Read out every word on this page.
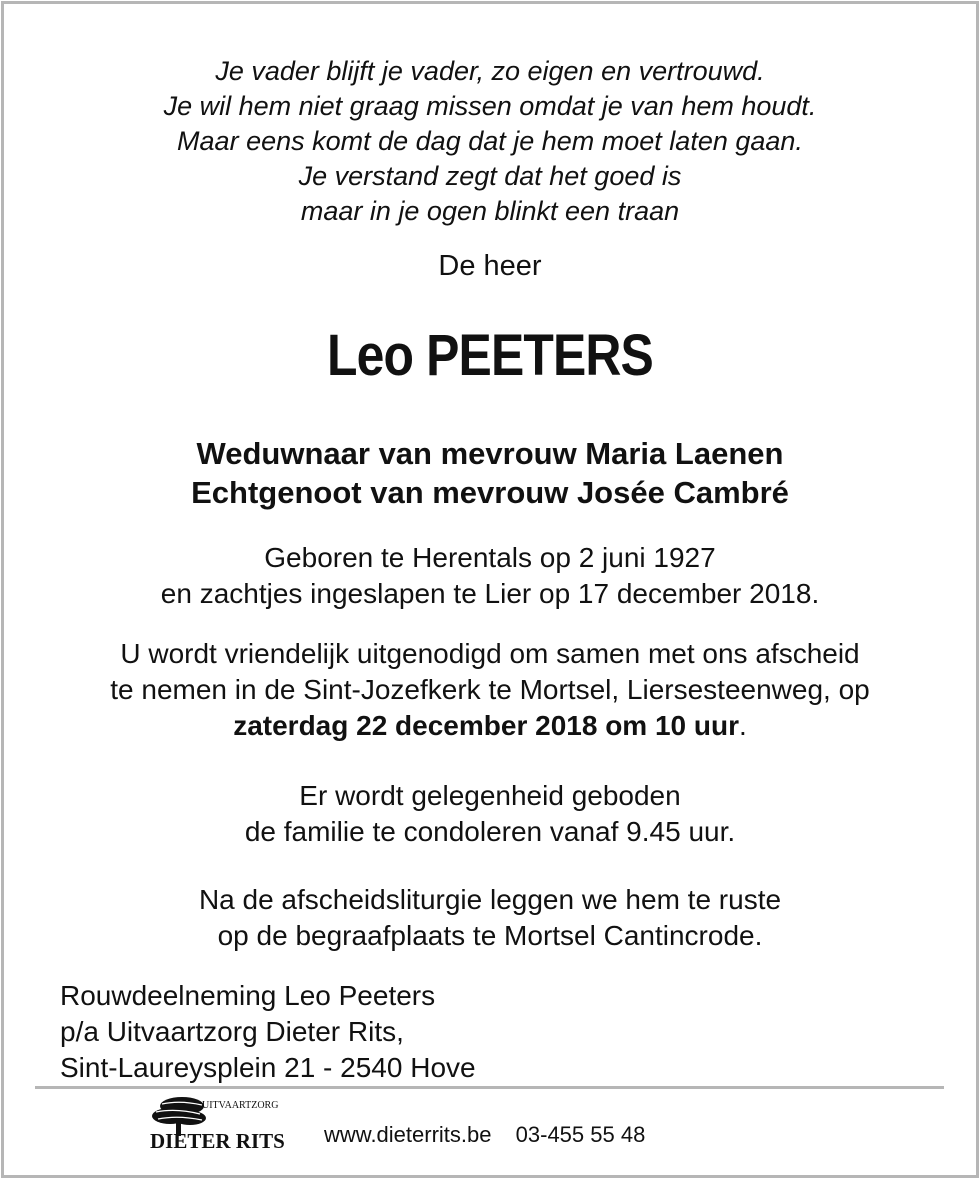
Je vader blijft je vader, zo eigen en vertrouwd.
Je wil hem niet graag missen omdat je van hem houdt.
Maar eens komt de dag dat je hem moet laten gaan.
Je verstand zegt dat het goed is
maar in je ogen blinkt een traan
De heer
Leo PEETERS
Weduwnaar van mevrouw Maria Laenen
Echtgenoot van mevrouw Josée Cambré
Geboren te Herentals op 2 juni 1927
en zachtjes ingeslapen te Lier op 17 december 2018.
U wordt vriendelijk uitgenodigd om samen met ons afscheid
te nemen in de Sint-Jozefkerk te Mortsel, Liersesteenweg, op
zaterdag 22 december 2018 om 10 uur.
Er wordt gelegenheid geboden
de familie te condoleren vanaf 9.45 uur.
Na de afscheidsliturgie leggen we hem te ruste
op de begraafplaats te Mortsel Cantincrode.
Rouwdeelneming Leo Peeters
p/a Uitvaartzorg Dieter Rits,
Sint-Laureysplein 21 - 2540 Hove
UITVAARTZORG
DIETER RITS www.dieterrits.be 03-455 55 48
